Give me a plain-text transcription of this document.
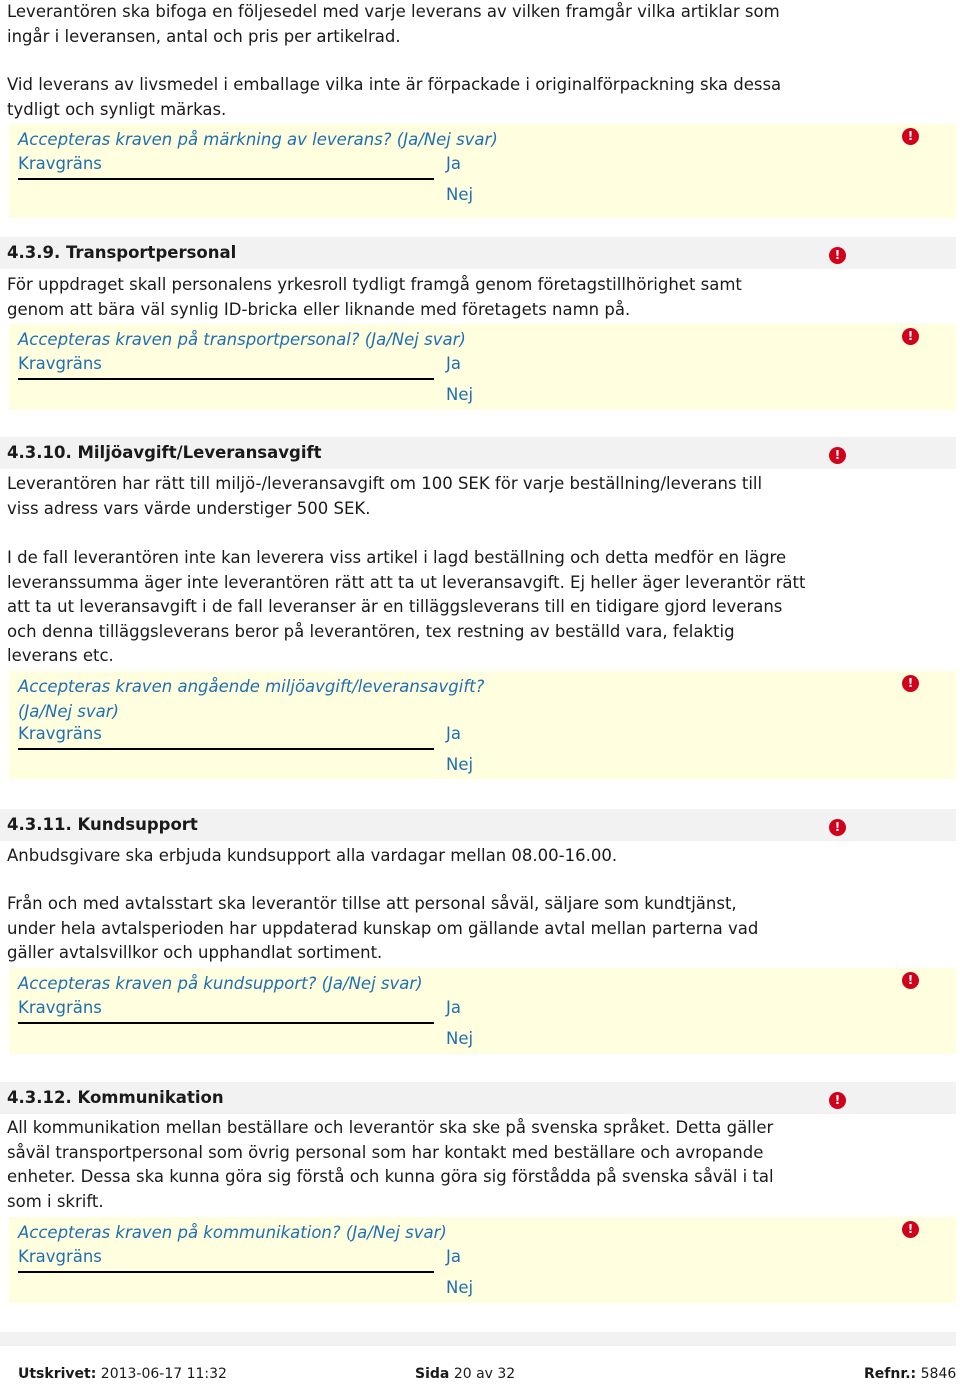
Leverantören ska bifoga en följesedel med varje leverans av vilken framgår vilka artiklar som ingår i leveransen, antal och pris per artikelrad.
Vid leverans av livsmedel i emballage vilka inte är förpackade i originalförpackning ska dessa tydligt och synligt märkas.
Accepteras kraven på märkning av leverans? (Ja/Nej svar)	!
Kravgräns	Ja
Nej
4.3.9. Transportpersonal	!
För uppdraget skall personalens yrkesroll tydligt framgå genom företagstillhörighet samt genom att bära väl synlig ID-bricka eller liknande med företagets namn på.
Accepteras kraven på transportpersonal? (Ja/Nej svar)	!
Kravgräns	Ja
Nej
4.3.10. Miljöavgift/Leveransavgift	!
Leverantören har rätt till miljö-/leveransavgift om 100 SEK för varje beställning/leverans till viss adress vars värde understiger 500 SEK.
I de fall leverantören inte kan leverera viss artikel i lagd beställning och detta medför en lägre leveranssumma äger inte leverantören rätt att ta ut leveransavgift. Ej heller äger leverantör rätt att ta ut leveransavgift i de fall leveranser är en tilläggsleverans till en tidigare gjord leverans och denna tilläggsleverans beror på leverantören, tex restning av beställd vara, felaktig leverans etc.
Accepteras kraven angående miljöavgift/leveransavgift? (Ja/Nej svar)
!
Kravgräns	Ja
Nej
4.3.11. Kundsupport	!
Anbudsgivare ska erbjuda kundsupport alla vardagar mellan 08.00-16.00.
Från och med avtalsstart ska leverantör tillse att personal såväl, säljare som kundtjänst, under hela avtalsperioden har uppdaterad kunskap om gällande avtal mellan parterna vad gäller avtalsvillkor och upphandlat sortiment.
Accepteras kraven på kundsupport? (Ja/Nej svar)	!
Kravgräns	Ja
Nej
4.3.12. Kommunikation	!
All kommunikation mellan beställare och leverantör ska ske på svenska språket. Detta gäller såväl transportpersonal som övrig personal som har kontakt med beställare och avropande enheter. Dessa ska kunna göra sig förstå och kunna göra sig förstådda på svenska såväl i tal som i skrift.
Accepteras kraven på kommunikation? (Ja/Nej svar)	!
Kravgräns	Ja
Nej
Utskrivet: 2013-06-17 11:32	Sida 20 av 32	Refnr.: 5846
